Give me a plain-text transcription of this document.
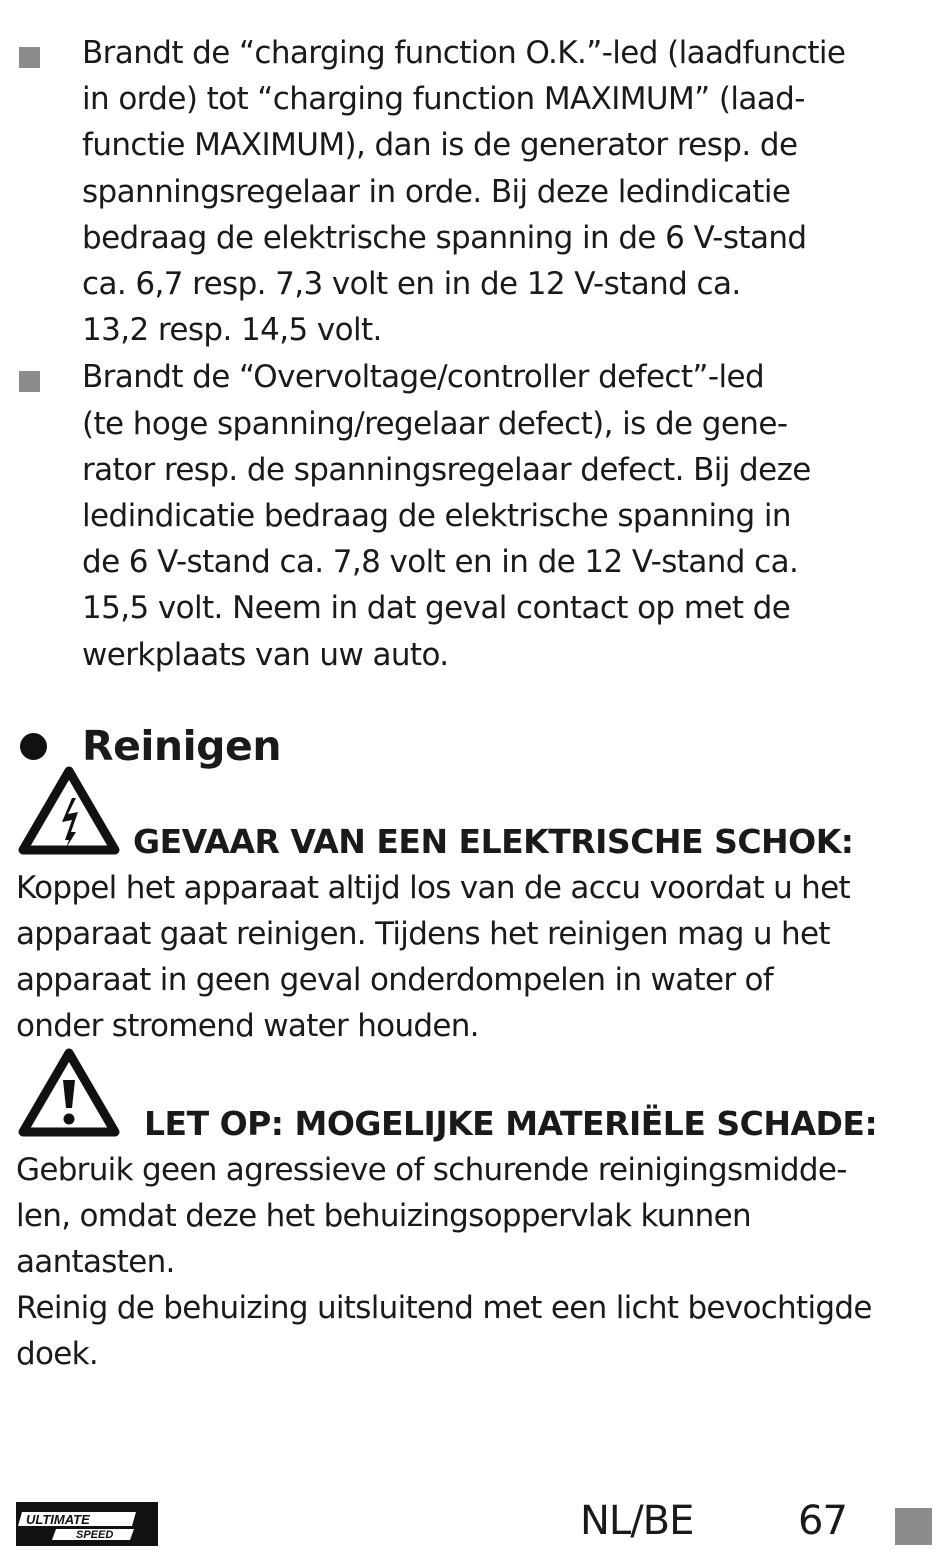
Brandt de “charging function O.K.”-led (laadfunctie
in orde) tot “charging function MAXIMUM” (laad-
functie MAXIMUM), dan is de generator resp. de
spanningsregelaar in orde. Bij deze ledindicatie
bedraag de elektrische spanning in de 6 V-stand
ca. 6,7 resp. 7,3 volt en in de 12 V-stand ca.
13,2 resp. 14,5 volt.
Brandt de “Overvoltage/controller defect”-led
(te hoge spanning/regelaar defect), is de gene-
rator resp. de spanningsregelaar defect. Bij deze
ledindicatie bedraag de elektrische spanning in
de 6 V-stand ca. 7,8 volt en in de 12 V-stand ca.
15,5 volt. Neem in dat geval contact op met de
werkplaats van uw auto.
Reinigen
GEVAAR VAN EEN ELEKTRISCHE SCHOK:
Koppel het apparaat altijd los van de accu voordat u het
apparaat gaat reinigen. Tijdens het reinigen mag u het
apparaat in geen geval onderdompelen in water of
onder stromend water houden.
LET OP: MOGELIJKE MATERIËLE SCHADE:
Gebruik geen agressieve of schurende reinigingsmidde-
len, omdat deze het behuizingsoppervlak kunnen
aantasten.
Reinig de behuizing uitsluitend met een licht bevochtigde
doek.
ULTIMATE
SPEED	NL/BE	67
